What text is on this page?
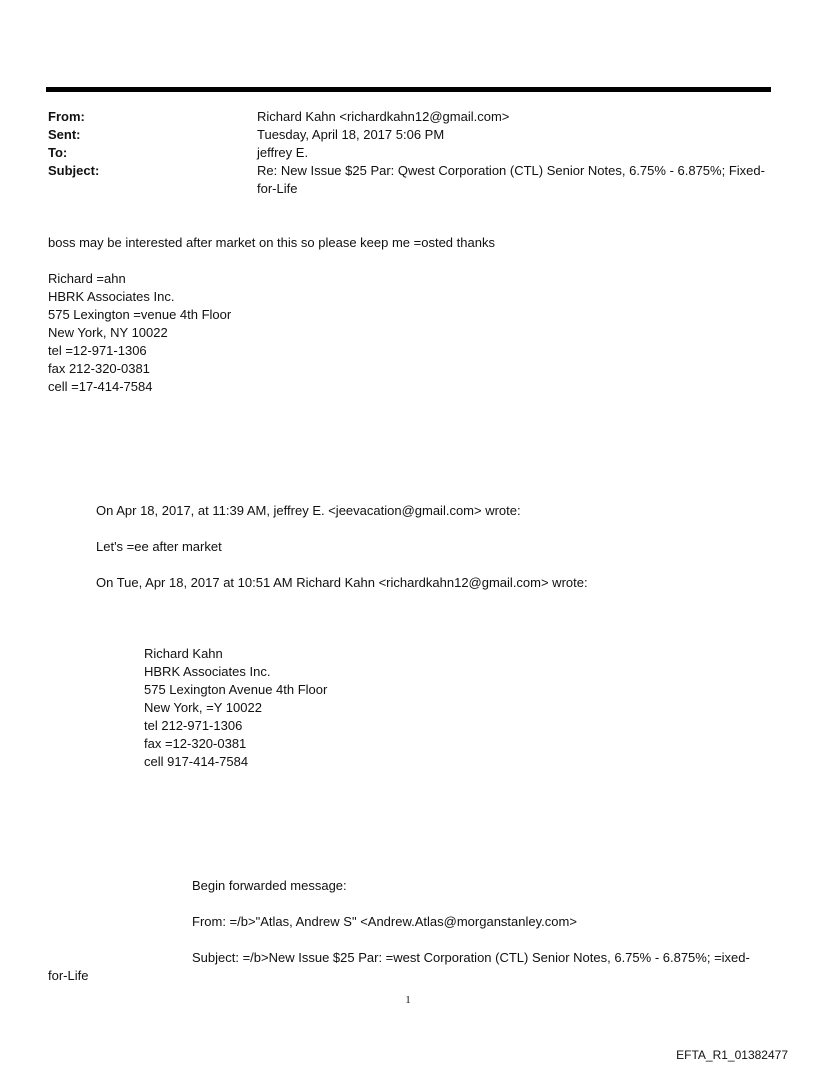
From:	Richard Kahn <richardkahn12@gmail.com>
Sent:	Tuesday, April 18, 2017 5:06 PM
To:	jeffrey E.
Subject:	Re: New Issue $25 Par: Qwest Corporation (CTL) Senior Notes, 6.75% - 6.875%; Fixed-for-Life
boss may be interested after market on this so please keep me =osted thanks
Richard =ahn
HBRK Associates Inc.
575 Lexington =venue 4th Floor
New York, NY 10022
tel =12-971-1306
fax 212-320-0381
cell =17-414-7584
On Apr 18, 2017, at 11:39 AM, jeffrey E. <jeevacation@gmail.com> wrote:
Let's =ee after market
On Tue, Apr 18, 2017 at 10:51 AM Richard Kahn <richardkahn12@gmail.com> wrote:
Richard Kahn
HBRK Associates Inc.
575 Lexington Avenue 4th Floor
New York, =Y 10022
tel 212-971-1306
fax =12-320-0381
cell 917-414-7584
Begin forwarded message:
From: =/b>"Atlas, Andrew S" <Andrew.Atlas@morganstanley.com>
Subject: =/b>New Issue $25 Par: =west Corporation (CTL) Senior Notes, 6.75% - 6.875%; =ixed-
for-Life
1
EFTA_R1_01382477
